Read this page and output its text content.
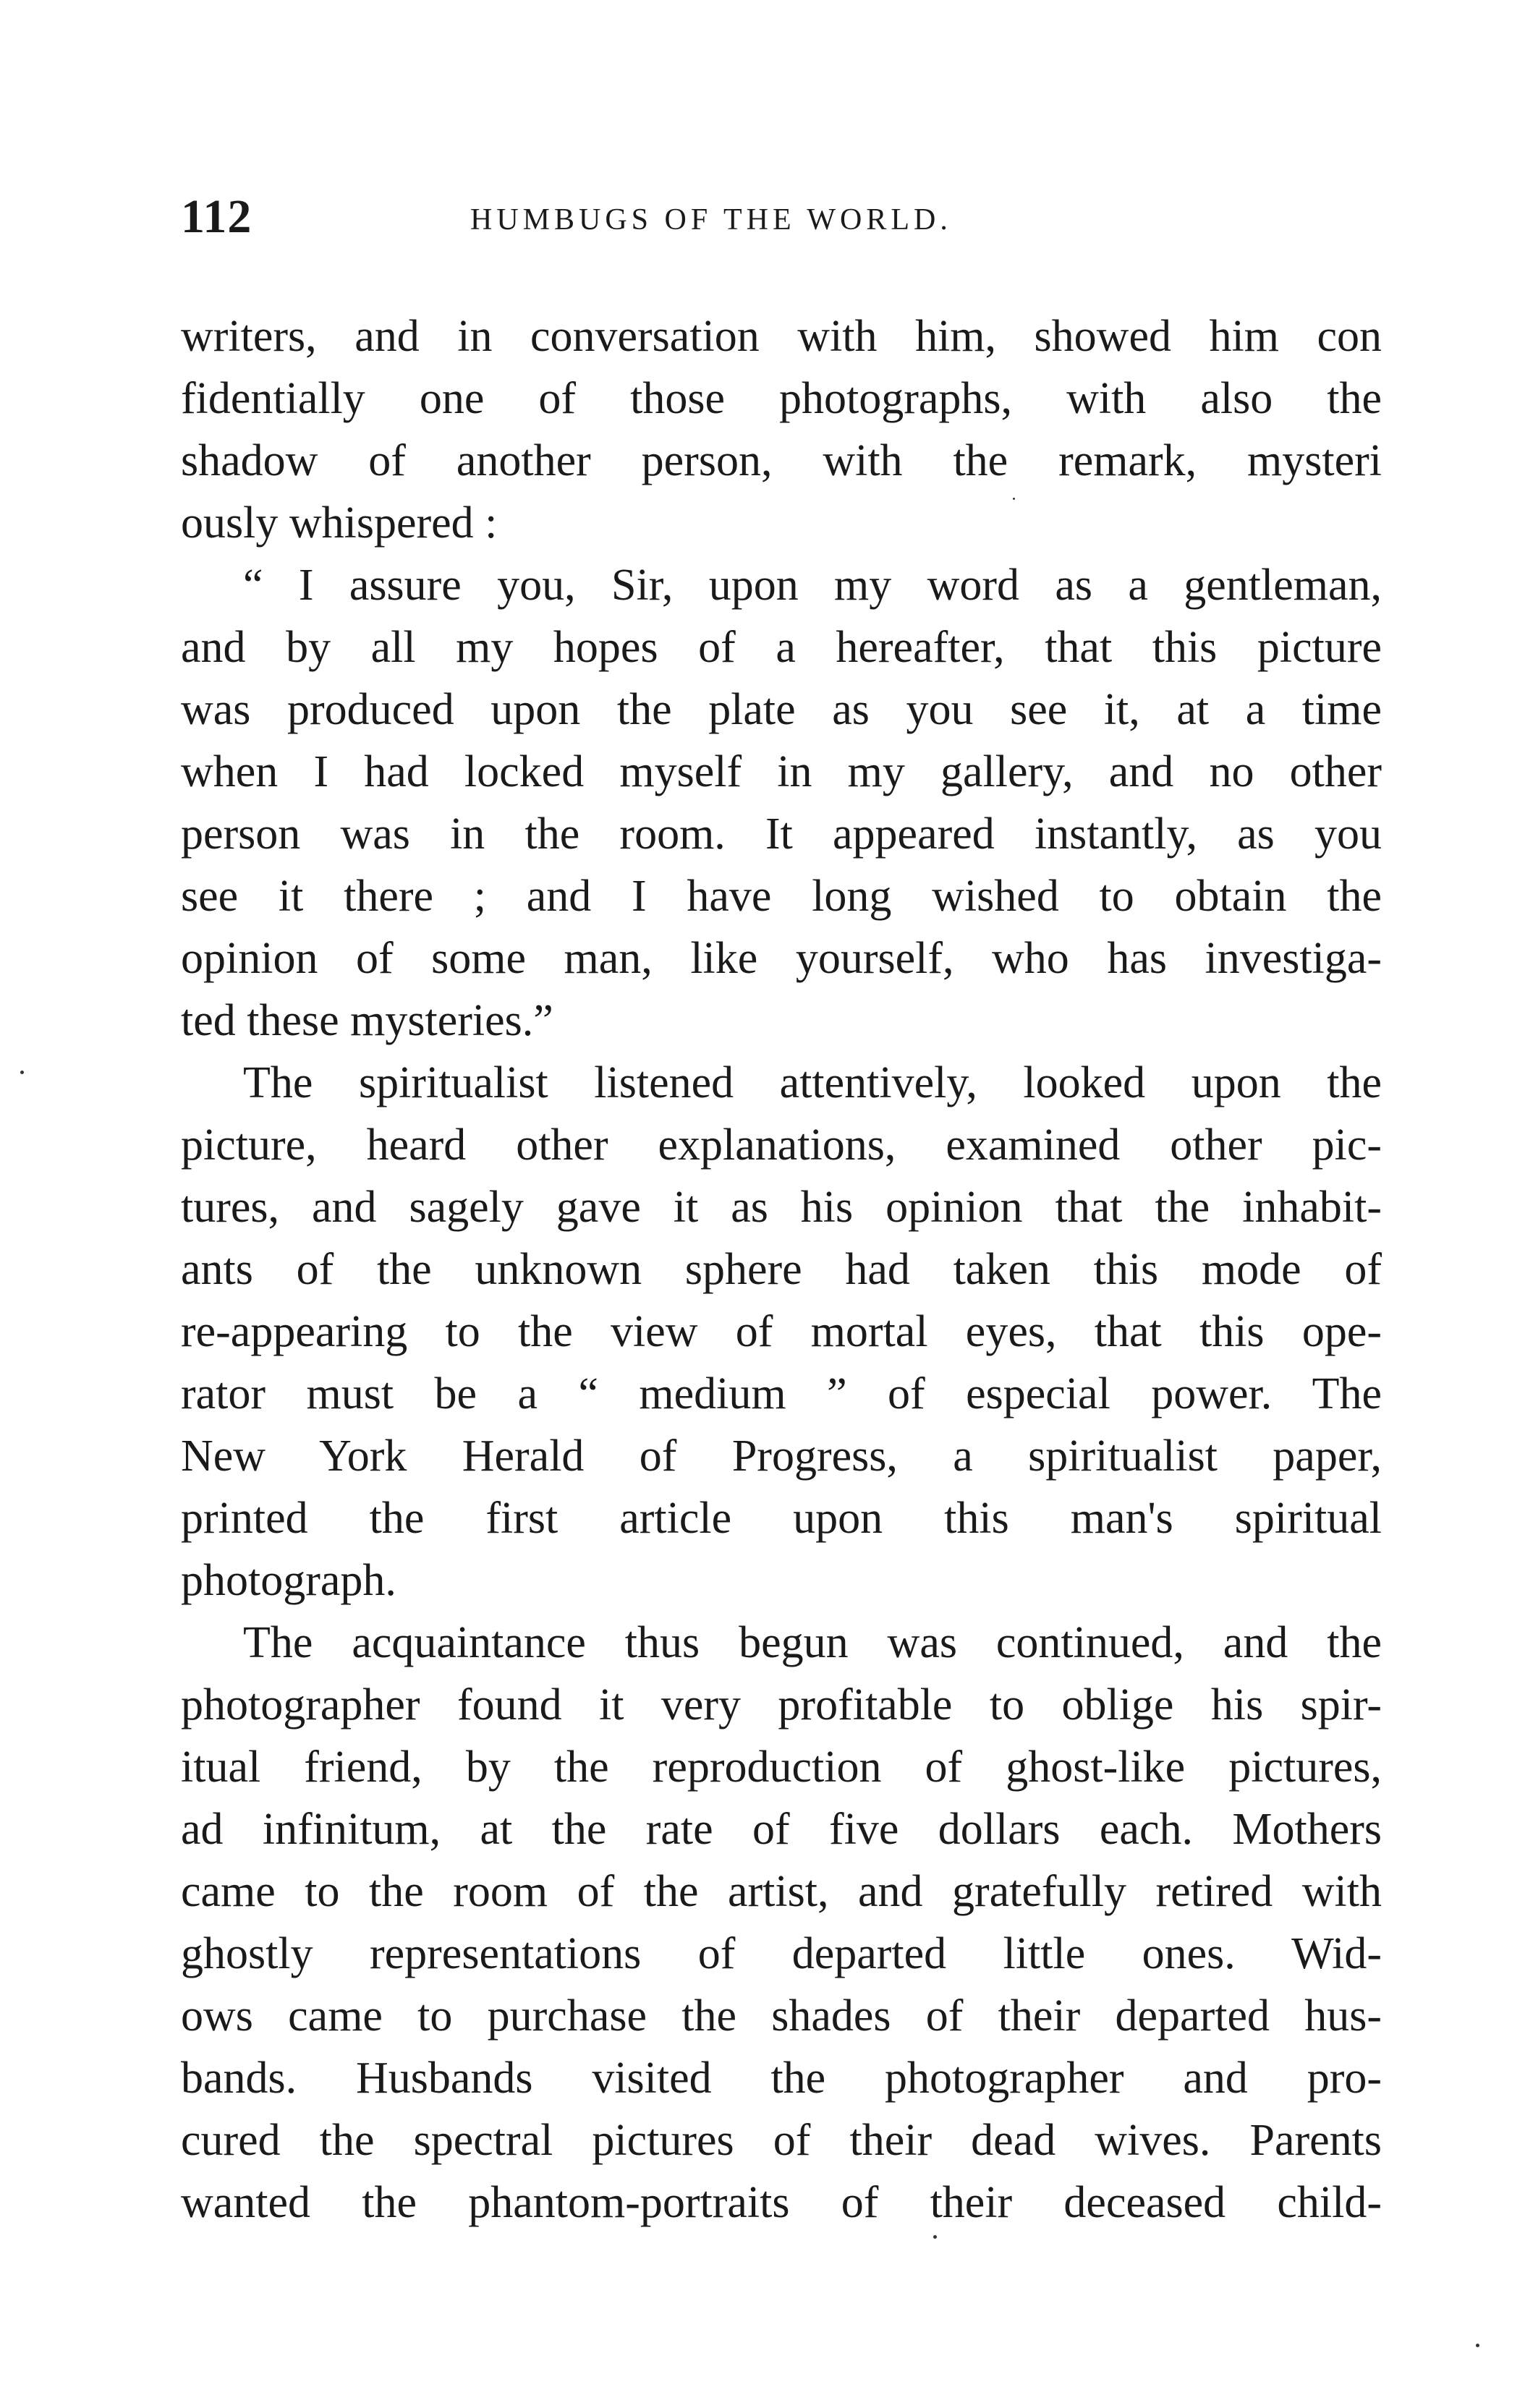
112	HUMBUGS OF THE WORLD.
writers, and in conversation with him, showed him con
fidentially one of those photographs, with also the
shadow of another person, with the remark, mysteri
ously whispered :
“ I assure you, Sir, upon my word as a gentleman,
and by all my hopes of a hereafter, that this picture
was produced upon the plate as you see it, at a time
when I had locked myself in my gallery, and no other
person was in the room. It appeared instantly, as you
see it there ; and I have long wished to obtain the
opinion of some man, like yourself, who has investiga-
ted these mysteries.”
The spiritualist listened attentively, looked upon the
picture, heard other explanations, examined other pic-
tures, and sagely gave it as his opinion that the inhabit-
ants of the unknown sphere had taken this mode of
re-appearing to the view of mortal eyes, that this ope-
rator must be a “ medium ” of especial power. The
New York Herald of Progress, a spiritualist paper,
printed the first article upon this man's spiritual
photograph.
The acquaintance thus begun was continued, and the
photographer found it very profitable to oblige his spir-
itual friend, by the reproduction of ghost-like pictures,
ad infinitum, at the rate of five dollars each. Mothers
came to the room of the artist, and gratefully retired with
ghostly representations of departed little ones. Wid-
ows came to purchase the shades of their departed hus-
bands. Husbands visited the photographer and pro-
cured the spectral pictures of their dead wives. Parents
wanted the phantom-portraits of their deceased child-
